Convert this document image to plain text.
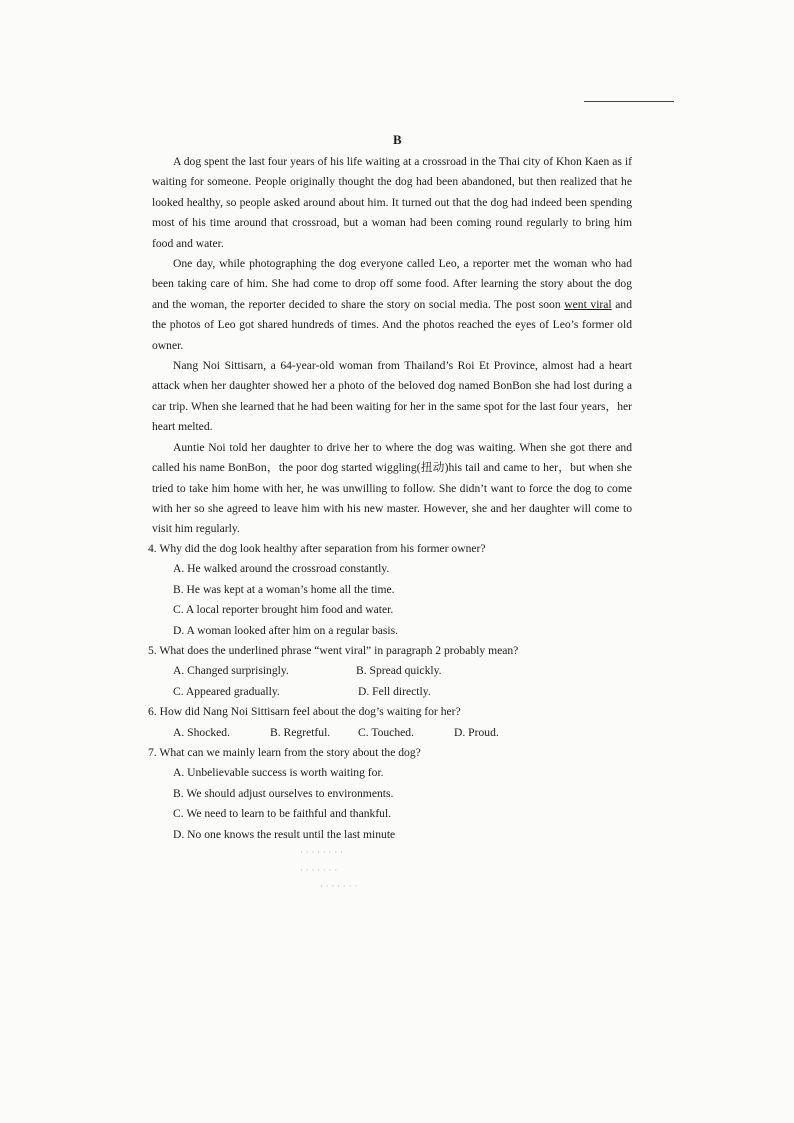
B

A dog spent the last four years of his life waiting at a crossroad in the Thai city of Khon Kaen as if waiting for someone. People originally thought the dog had been abandoned, but then realized that he looked healthy, so people asked around about him. It turned out that the dog had indeed been spending most of his time around that crossroad, but a woman had been coming round regularly to bring him food and water.

One day, while photographing the dog everyone called Leo, a reporter met the woman who had been taking care of him. She had come to drop off some food. After learning the story about the dog and the woman, the reporter decided to share the story on social media. The post soon went viral and the photos of Leo got shared hundreds of times. And the photos reached the eyes of Leo’s former old owner.

Nang Noi Sittisarn, a 64-year-old woman from Thailand’s Roi Et Province, almost had a heart attack when her daughter showed her a photo of the beloved dog named BonBon she had lost during a car trip. When she learned that he had been waiting for her in the same spot for the last four years，her heart melted.

Auntie Noi told her daughter to drive her to where the dog was waiting. When she got there and called his name BonBon，the poor dog started wiggling(扭动)his tail and came to her，but when she tried to take him home with her, he was unwilling to follow. She didn’t want to force the dog to come with her so she agreed to leave him with his new master. However, she and her daughter will come to visit him regularly.

4. Why did the dog look healthy after separation from his former owner?

A. He walked around the crossroad constantly.

B. He was kept at a woman’s home all the time.

C. A local reporter brought him food and water.

D. A woman looked after him on a regular basis.

5. What does the underlined phrase “went viral” in paragraph 2 probably mean?

A. Changed surprisingly.	B. Spread quickly.
C. Appeared gradually.	D. Fell directly.

6. How did Nang Noi Sittisarn feel about the dog’s waiting for her?

A. Shocked.	B. Regretful.	C. Touched.	D. Proud.

7. What can we mainly learn from the story about the dog?

A. Unbelievable success is worth waiting for.

B. We should adjust ourselves to environments.

C. We need to learn to be faithful and thankful.

D. No one knows the result until the last minute

· · · · · · · ·
· · · · · · ·
· · · · · · ·
